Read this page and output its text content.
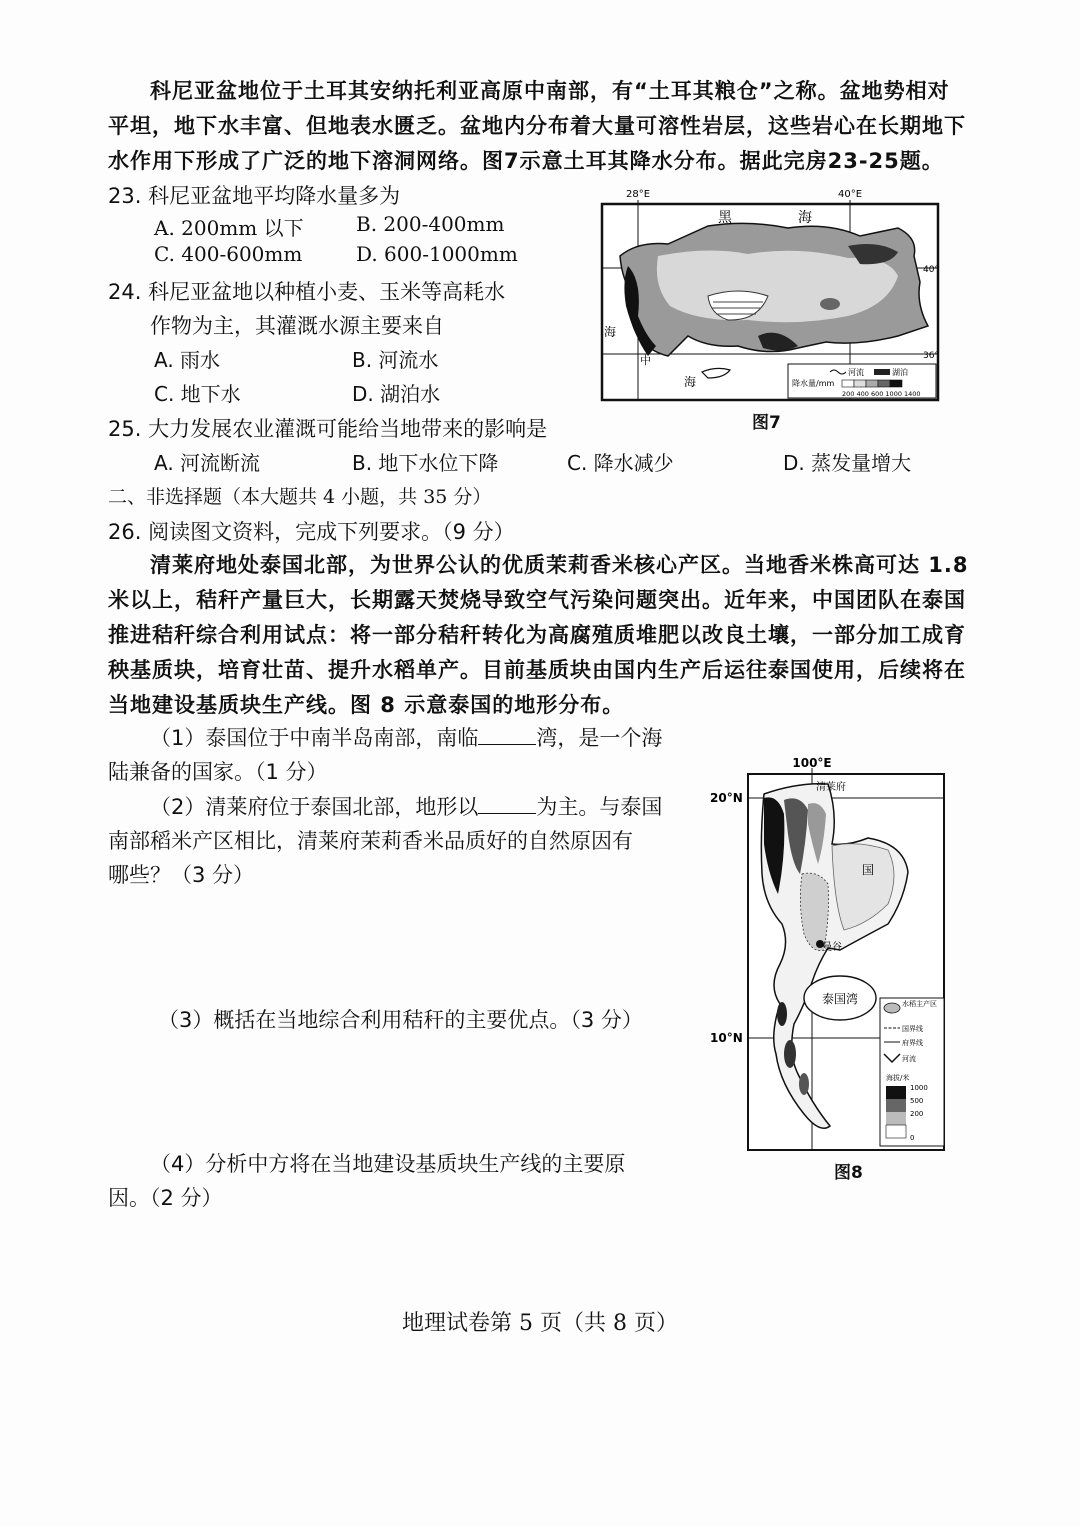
科尼亚盆地位于土耳其安纳托利亚高原中南部，有“土耳其粮仓”之称。盆地势相对平坦，地下水丰富、但地表水匮乏。盆地内分布着大量可溶性岩层，这些岩心在长期地下水作用下形成了广泛的地下溶洞网络。图7示意土耳其降水分布。据此完房23-25题。
23. 科尼亚盆地平均降水量多为
A. 200mm 以下	B. 200-400mm
C. 400-600mm	D. 600-1000mm
24. 科尼亚盆地以种植小麦、玉米等高耗水
作物为主，其灌溉水源主要来自
A. 雨水	B. 河流水
C. 地下水	D. 湖泊水
25. 大力发展农业灌溉可能给当地带来的影响是
A. 河流断流	B. 地下水位下降	C. 降水减少	D. 蒸发量增大
二、非选择题（本大题共 4 小题，共 35 分）
26. 阅读图文资料，完成下列要求。（9 分）
清莱府地处泰国北部，为世界公认的优质茉莉香米核心产区。当地香米株高可达 1.8 米以上，秸秆产量巨大，长期露天焚烧导致空气污染问题突出。近年来，中国团队在泰国推进秸秆综合利用试点：将一部分秸秆转化为高腐殖质堆肥以改良土壤，一部分加工成育秧基质块，培育壮苗、提升水稻单产。目前基质块由国内生产后运往泰国使用，后续将在当地建设基质块生产线。图 8 示意泰国的地形分布。
（1）泰国位于中南半岛南部，南临	湾，是一个海
陆兼备的国家。（1 分）
（2）清莱府位于泰国北部，地形以	为主。与泰国
南部稻米产区相比，清莱府茉莉香米品质好的自然原因有
哪些？（3 分）
（3）概括在当地综合利用秸秆的主要优点。（3 分）
（4）分析中方将在当地建设基质块生产线的主要原
因。（2 分）
28°E	40°E
40°
36°
黑	海
海
中
海
河流	湖泊
降水量/mm
200 400 600 1000 1400
图7
100°E
20°N
10°N
清莱府
国
曼谷
泰国湾	水稻主产区
国界线
府界线
河流
海拔/米
1000
500
200
0
图8
地理试卷第 5 页（共 8 页）
